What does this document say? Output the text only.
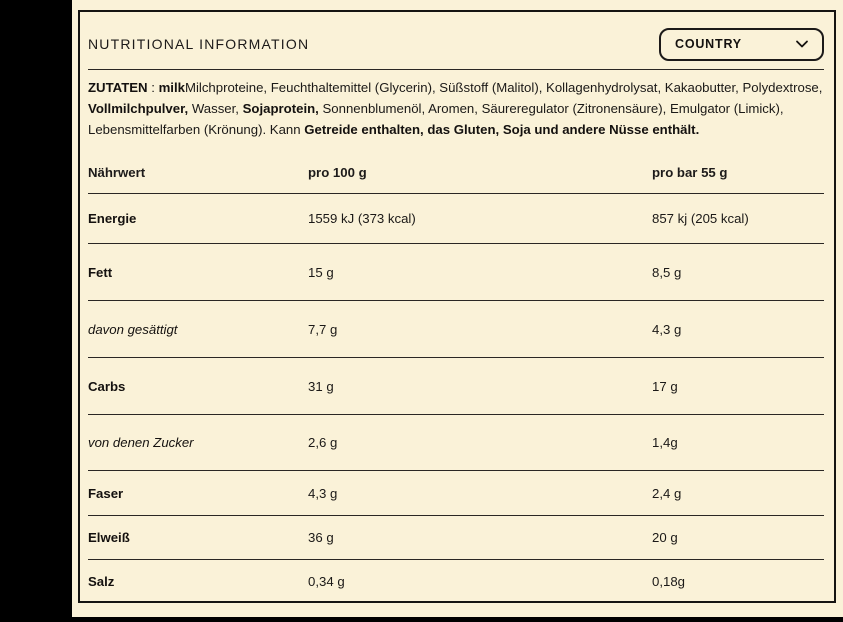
NUTRITIONAL INFORMATION	COUNTRY

ZUTATEN : milkMilchproteine, Feuchthaltemittel (Glycerin), Süßstoff (Malitol), Kollagenhydrolysat, Kakaobutter, Polydextrose, Vollmilchpulver, Wasser, Sojaprotein, Sonnenblumenöl, Aromen, Säureregulator (Zitronensäure), Emulgator (Limick), Lebensmittelfarben (Krönung). Kann Getreide enthalten, das Gluten, Soja und andere Nüsse enthält.

Nährwert	pro 100 g	pro bar 55 g
Energie	1559 kJ (373 kcal)	857 kj (205 kcal)
Fett	15 g	8,5 g
davon gesättigt	7,7 g	4,3 g
Carbs	31 g	17 g
von denen Zucker	2,6 g	1,4g
Faser	4,3 g	2,4 g
Elweiß	36 g	20 g
Salz	0,34 g	0,18g
